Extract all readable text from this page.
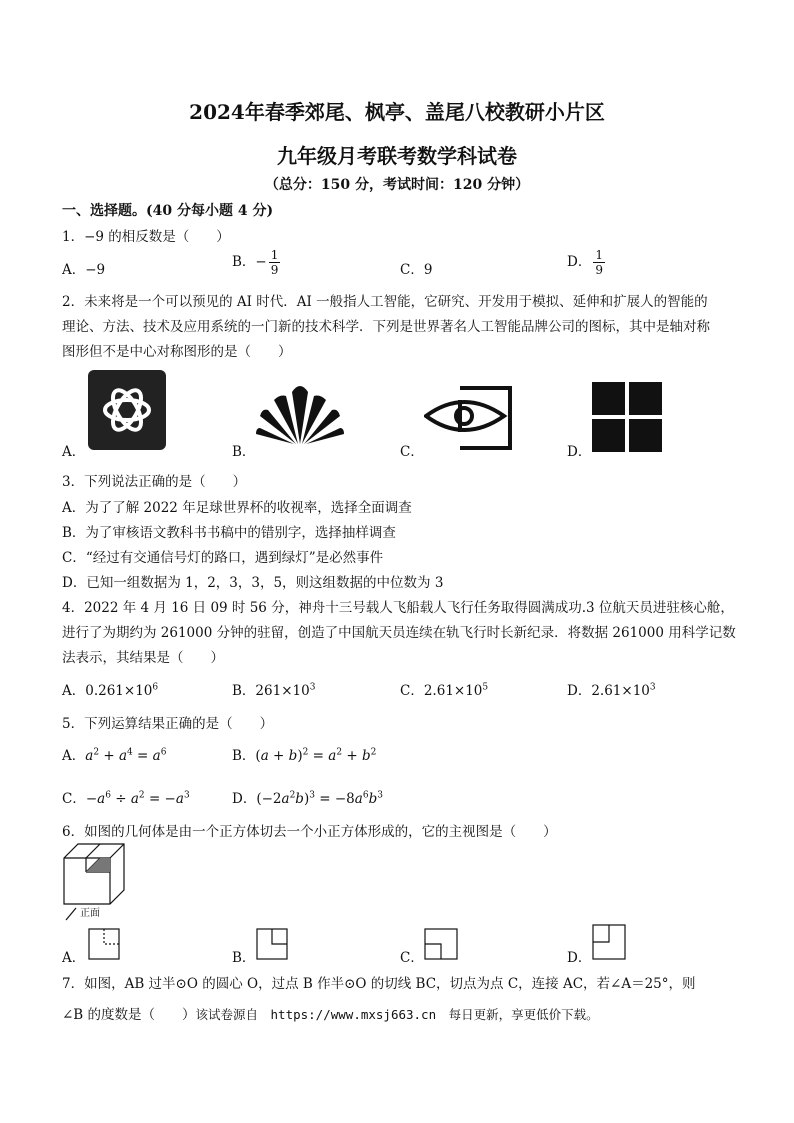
2024年春季郊尾、枫亭、盖尾八校教研小片区
九年级月考联考数学科试卷
（总分：150 分，考试时间：120 分钟）
一、选择题。(40 分每小题 4 分)
1．−9 的相反数是（　　）
A．−9	B．− $\frac{1}{9}$	C．9	D． $\frac{1}{9}$
2．未来将是一个可以预见的 AI 时代．AI 一般指人工智能，它研究、开发用于模拟、延伸和扩展人的智能的
理论、方法、技术及应用系统的一门新的技术科学．下列是世界著名人工智能品牌公司的图标，其中是轴对称
图形但不是中心对称图形的是（　　）
A．	B．	C．	D．
3．下列说法正确的是（　　）
A．为了了解 2022 年足球世界杯的收视率，选择全面调查
B．为了审核语文教科书书稿中的错别字，选择抽样调查
C．“经过有交通信号灯的路口，遇到绿灯”是必然事件
D．已知一组数据为 1，2，3，3，5，则这组数据的中位数为 3
4．2022 年 4 月 16 日 09 时 56 分，神舟十三号载人飞船载人飞行任务取得圆满成功.3 位航天员进驻核心舱，
进行了为期约为 261000 分钟的驻留，创造了中国航天员连续在轨飞行时长新纪录．将数据 261000 用科学记数
法表示，其结果是（　　）
A．$0.261\times 10^6$	B．$261\times 10^3$	C．$2.61\times 10^5$	D．$2.61\times 10^3$
5．下列运算结果正确的是（　　）
A．$a^2 + a^4 = a^6$	B．$(a + b)^2 = a^2 + b^2$
C．$-a^6 \div a^2 = -a^3$	D．$(-2a^2b)^3 = -8a^6b^3$
6．如图的几何体是由一个正方体切去一个小正方体形成的，它的主视图是（　　）
正面
A．	B．	C．	D．
7．如图，AB 过半⊙O 的圆心 O，过点 B 作半⊙O 的切线 BC，切点为点 C，连接 AC，若∠A＝25°，则
∠B 的度数是（　　）该试卷源自　https://www.mxsj663.cn　每日更新，享更低价下载。
